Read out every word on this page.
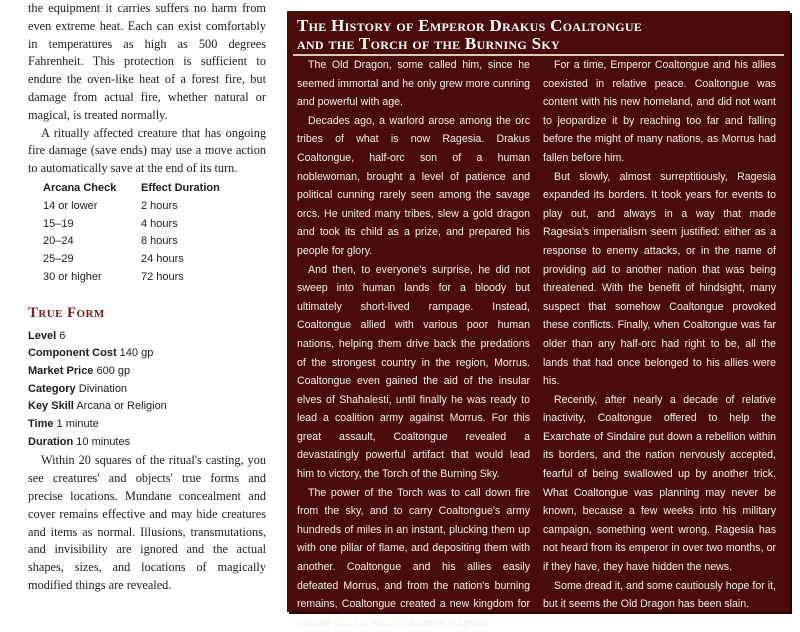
the equipment it carries suffers no harm from even extreme heat. Each can exist comfortably in temperatures as high as 500 degrees Fahrenheit. This protection is sufficient to endure the oven-like heat of a forest fire, but damage from actual fire, whether natural or magical, is treated normally.

A ritually affected creature that has ongoing fire damage (save ends) may use a move action to automatically save at the end of its turn.

Arcana Check	Effect Duration
14 or lower	2 hours
15–19	4 hours
20–24	8 hours
25–29	24 hours
30 or higher	72 hours
True Form

Level 6

Component Cost 140 gp

Market Price 600 gp

Category Divination

Key Skill Arcana or Religion

Time 1 minute

Duration 10 minutes

Within 20 squares of the ritual's casting, you see creatures' and objects' true forms and precise locations. Mundane concealment and cover remains effective and may hide creatures and items as normal. Illusions, transmutations, and invisibility are ignored and the actual shapes, sizes, and locations of magically modified things are revealed.

The History of Emperor Drakus Coaltongue
and the Torch of the Burning Sky

The Old Dragon, some called him, since he seemed immortal and he only grew more cunning and powerful with age.

Decades ago, a warlord arose among the orc tribes of what is now Ragesia. Drakus Coaltongue, half-orc son of a human noblewoman, brought a level of patience and political cunning rarely seen among the savage orcs. He united many tribes, slew a gold dragon and took its child as a prize, and prepared his people for glory.

And then, to everyone's surprise, he did not sweep into human lands for a bloody but ultimately short-lived rampage. Instead, Coaltongue allied with various poor human nations, helping them drive back the predations of the strongest country in the region, Morrus. Coaltongue even gained the aid of the insular elves of Shahalesti, until finally he was ready to lead a coalition army against Morrus. For this great assault, Coaltongue revealed a devastatingly powerful artifact that would lead him to victory, the Torch of the Burning Sky.

The power of the Torch was to call down fire from the sky, and to carry Coaltongue's army hundreds of miles in an instant, plucking them up with one pillar of flame, and depositing them with another. Coaltongue and his allies easily defeated Morrus, and from the nation's burning remains, Coaltongue created a new kingdom for himself and his orcish followers: Ragesia.

For a time, Emperor Coaltongue and his allies coexisted in relative peace. Coaltongue was content with his new homeland, and did not want to jeopardize it by reaching too far and falling before the might of many nations, as Morrus had fallen before him.

But slowly, almost surreptitiously, Ragesia expanded its borders. It took years for events to play out, and always in a way that made Ragesia's imperialism seem justified: either as a response to enemy attacks, or in the name of providing aid to another nation that was being threatened. With the benefit of hindsight, many suspect that somehow Coaltongue provoked these conflicts. Finally, when Coaltongue was far older than any half-orc had right to be, all the lands that had once belonged to his allies were his.

Recently, after nearly a decade of relative inactivity, Coaltongue offered to help the Exarchate of Sindaire put down a rebellion within its borders, and the nation nervously accepted, fearful of being swallowed up by another trick. What Coaltongue was planning may never be known, because a few weeks into his military campaign, something went wrong. Ragesia has not heard from its emperor in over two months, or if they have, they have hidden the news.

Some dread it, and some cautiously hope for it, but it seems the Old Dragon has been slain.
